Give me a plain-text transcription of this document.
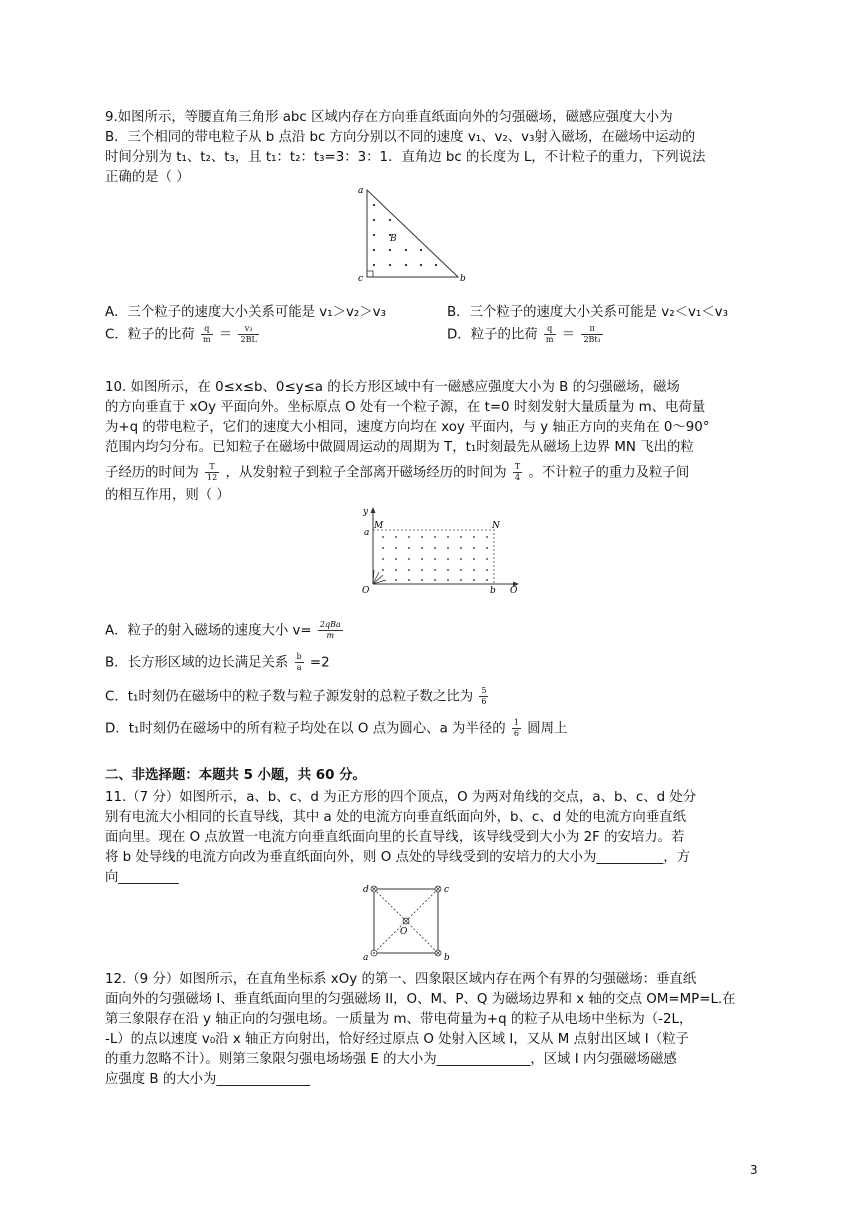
9.如图所示，等腰直角三角形 abc 区域内存在方向垂直纸面向外的匀强磁场，磁感应强度大小为
B．三个相同的带电粒子从 b 点沿 bc 方向分别以不同的速度 v₁、v₂、v₃射入磁场，在磁场中运动的
时间分别为 t₁、t₂、t₃，且 t₁：t₂：t₃=3：3：1．直角边 bc 的长度为 L，不计粒子的重力，下列说法
正确的是（ ）
a
c	b
B
A．三个粒子的速度大小关系可能是 v₁＞v₂＞v₃	B．三个粒子的速度大小关系可能是 v₂＜v₁＜v₃
C．粒子的比荷 $\frac{q}{m} = \frac{\text{v₃}}{2BL}$	D．粒子的比荷 $\frac{q}{m} = \frac{\pi}{\text{2Bt₁}}$
10. 如图所示，在 0≤x≤b、0≤y≤a 的长方形区域中有一磁感应强度大小为 B 的匀强磁场，磁场
的方向垂直于 xOy 平面向外。坐标原点 O 处有一个粒子源，在 t=0 时刻发射大量质量为 m、电荷量
为+q 的带电粒子，它们的速度大小相同，速度方向均在 xoy 平面内，与 y 轴正方向的夹角在 0～90°
范围内均匀分布。已知粒子在磁场中做圆周运动的周期为 T，t₁时刻最先从磁场上边界 MN 飞出的粒
子经历的时间为 $\frac{T}{12}$ ，从发射粒子到粒子全部离开磁场经历的时间为 $\frac{T}{4}$ 。不计粒子的重力及粒子间
的相互作用，则（ ）
y
M	N
a
O	b O
A．粒子的射入磁场的速度大小 $v= \frac{\text{2qBa}}{m}$
B．长方形区域的边长满足关系 $\frac{b}{a} =2$
C．t₁时刻仍在磁场中的粒子数与粒子源发射的总粒子数之比为 $\frac{5}{6}$
D．t₁时刻仍在磁场中的所有粒子均处在以 O 点为圆心、a 为半径的 $\frac{1}{6}$ 圆周上
二、非选择题：本题共 5 小题，共 60 分。
11.（7 分）如图所示，a、b、c、d 为正方形的四个顶点，O 为两对角线的交点，a、b、c、d 处分
别有电流大小相同的长直导线，其中 a 处的电流方向垂直纸面向外，b、c、d 处的电流方向垂直纸
面向里。现在 O 点放置一电流方向垂直纸面向里的长直导线，该导线受到大小为 2F 的安培力。若
将 b 处导线的电流方向改为垂直纸面向外，则 O 点处的导线受到的安培力的大小为__________，方
向_________
d	c
a	b
O
12.（9 分）如图所示，在直角坐标系 xOy 的第一、四象限区域内存在两个有界的匀强磁场：垂直纸
面向外的匀强磁场 I、垂直纸面向里的匀强磁场 II，O、M、P、Q 为磁场边界和 x 轴的交点 OM=MP=L.在
第三象限存在沿 y 轴正向的匀强电场。一质量为 m、带电荷量为+q 的粒子从电场中坐标为（-2L，
-L）的点以速度 v₀沿 x 轴正方向射出，恰好经过原点 O 处射入区域 I，又从 M 点射出区域 I（粒子
的重力忽略不计）。则第三象限匀强电场场强 E 的大小为______________，区域 I 内匀强磁场磁感
应强度 B 的大小为______________
3
